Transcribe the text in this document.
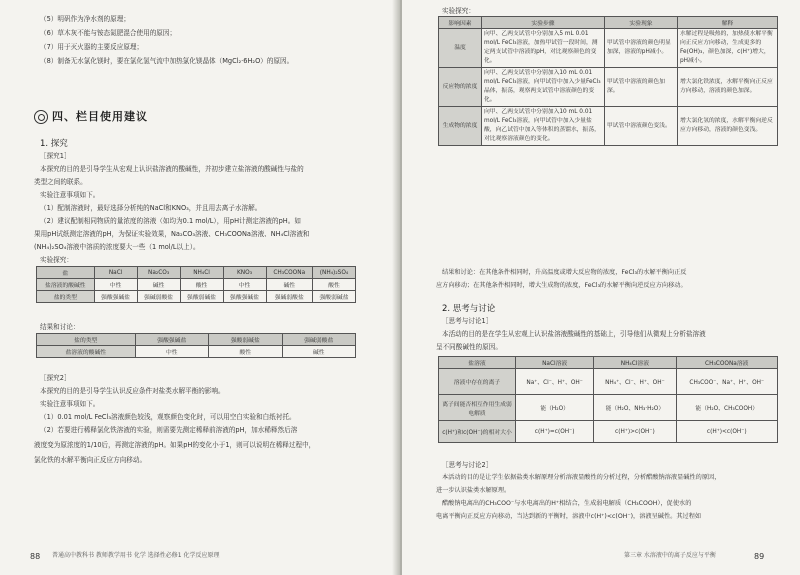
（5）明矾作为净水剂的原理；
（6）草木灰不能与铵态氮肥混合使用的原因；
（7）用于灭火器的主要反应原理；
（8）制备无水氯化镁时，要在氯化氢气流中加热氯化镁晶体（MgCl₂·6H₂O）的原因。
四、栏目使用建议
1. 探究
［探究1］
本探究的目的是引导学生从宏观上认识盐溶液的酸碱性，并初步建立盐溶液的酸碱性与盐的
类型之间的联系。
实验注意事项如下。
（1）配制溶液时，最好选择分析纯的NaCl和KNO₃，并且用去离子水溶解。
（2）建议配制相同物质的量浓度的溶液（如均为0.1 mol/L），用pH计测定溶液的pH。如
果用pH试纸测定溶液的pH，为保证实验效果，Na₂CO₃溶液、CH₃COONa溶液、NH₄Cl溶液和
(NH₄)₂SO₄溶液中溶质的浓度要大一些（1 mol/L以上）。
实验探究：
盐	NaCl	Na₂CO₃	NH₄Cl	KNO₃	CH₃COONa	(NH₄)₂SO₄
盐溶液的酸碱性	中性	碱性	酸性	中性	碱性	酸性
盐的类型	强酸强碱盐	强碱弱酸盐	强酸弱碱盐	强酸强碱盐	强碱弱酸盐	强酸弱碱盐
结果和讨论：
盐的类型	强酸强碱盐	强酸弱碱盐	强碱弱酸盐
盐溶液的酸碱性	中性	酸性	碱性
［探究2］
本探究的目的是引导学生认识反应条件对盐类水解平衡的影响。
实验注意事项如下。
（1）0.01 mol/L FeCl₃溶液颜色较浅，观察颜色变化时，可以用空白实验和白纸衬托。
（2）若要进行稀释氯化铁溶液的实验，则需要先测定稀释前溶液的pH，加水稀释然后溶
液度变为原浓度的1/10后，再测定溶液的pH。如果pH的变化小于1，则可以说明在稀释过程中，
氯化铁的水解平衡向正反应方向移动。
88 普通高中教科书 教师教学用书 化学 选择性必修1 化学反应原理
实验探究：
影响因素	实验步骤	实验现象	解释
温度	向甲、乙两支试管中分别加入5 mL 0.01 mol/L FeCl₃溶液，加热甲试管一段时间，测定两支试管中溶液的pH，对比观察颜色的变化。	甲试管中溶液的颜色明显加深，溶液的pH减小。	水解过程是吸热的，加热使水解平衡向正反应方向移动，生成更多的Fe(OH)₃，颜色加深，c(H⁺)增大，pH减小。
反应物的浓度	向甲、乙两支试管中分别加入10 mL 0.01 mol/L FeCl₃溶液，向甲试管中加入少量FeCl₃晶体，振荡，观察两支试管中溶液颜色的变化。	甲试管中溶液的颜色加深。	增大氯化铁浓度，水解平衡向正反应方向移动，溶液的颜色加深。
生成物的浓度	向甲、乙两支试管中分别加入10 mL 0.01 mol/L FeCl₃溶液，向甲试管中加入少量盐酸，向乙试管中加入等体积的蒸馏水，振荡，对比观察溶液颜色的变化。	甲试管中溶液颜色变浅。	增大氯化氢的浓度，水解平衡向逆反应方向移动，溶液的颜色变浅。
结果和讨论：在其他条件相同时，升高温度或增大反应物的浓度，FeCl₃的水解平衡向正反
应方向移动；在其他条件相同时，增大生成物的浓度，FeCl₃的水解平衡向逆反应方向移动。
2. 思考与讨论
［思考与讨论1］
本活动的目的是在学生从宏观上认识盐溶液酸碱性的基础上，引导他们从微观上分析盐溶液
呈不同酸碱性的原因。
盐溶液	NaCl溶液	NH₄Cl溶液	CH₃COONa溶液
溶液中存在的离子	Na⁺、Cl⁻、H⁺、OH⁻	NH₄⁺、Cl⁻、H⁺、OH⁻	CH₃COO⁻、Na⁺、H⁺、OH⁻
离子间能否相互作用生成弱电解质	能（H₂O）	能（H₂O、NH₃·H₂O）	能（H₂O、CH₃COOH）
c(H⁺)和c(OH⁻)的相对大小	c(H⁺)=c(OH⁻)	c(H⁺)>c(OH⁻)	c(H⁺)<c(OH⁻)
［思考与讨论2］
本活动的目的是让学生依据盐类水解原理分析溶液显酸性的分析过程，分析醋酸钠溶液显碱性的原因，
进一步认识盐类水解原理。
醋酸钠电离出的CH₃COO⁻与水电离出的H⁺相结合，生成弱电解质（CH₃COOH），促使水的
电离平衡向正反应方向移动，当达到新的平衡时，溶液中c(H⁺)<c(OH⁻)，溶液呈碱性。其过程如
第三章 水溶液中的离子反应与平衡	89
